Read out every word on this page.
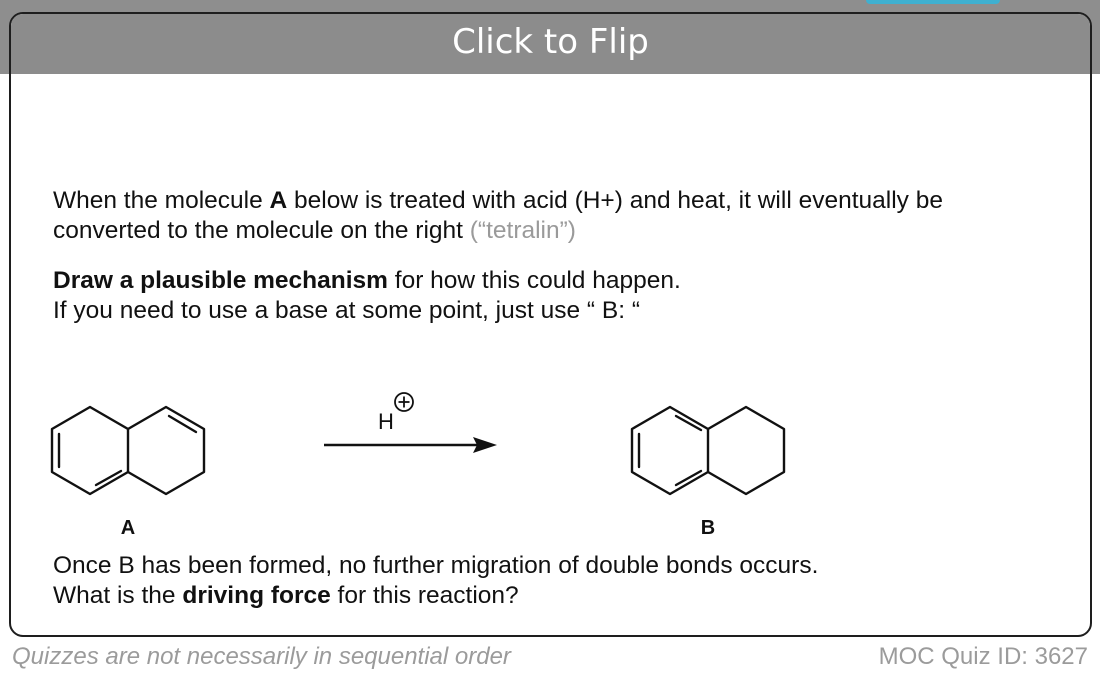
Click to Flip

When the molecule A below is treated with acid (H+) and heat, it will eventually be converted to the molecule on the right (“tetralin”)

Draw a plausible mechanism for how this could happen.

If you need to use a base at some point, just use “ B: “

A
H
B

Once B has been formed, no further migration of double bonds occurs.

What is the driving force for this reaction?

Quizzes are not necessarily in sequential order	MOC Quiz ID: 3627
